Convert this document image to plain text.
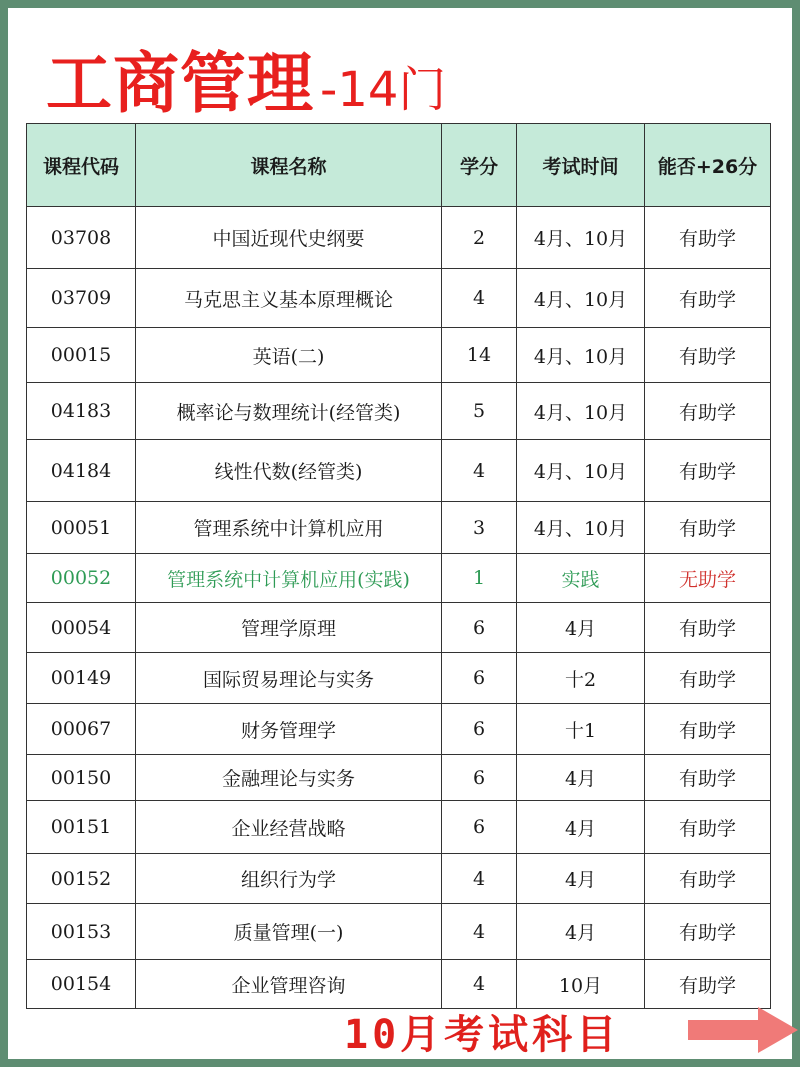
工商管理 -14门
课程代码	课程名称	学分	考试时间	能否+26分
03708	中国近现代史纲要	2	4月、10月	有助学
03709	马克思主义基本原理概论	4	4月、10月	有助学
00015	英语(二)	14	4月、10月	有助学
04183	概率论与数理统计(经管类)	5	4月、10月	有助学
04184	线性代数(经管类)	4	4月、10月	有助学
00051	管理系统中计算机应用	3	4月、10月	有助学
00052	管理系统中计算机应用(实践)	1	实践	无助学
00054	管理学原理	6	4月	有助学
00149	国际贸易理论与实务	6	十2	有助学
00067	财务管理学	6	十1	有助学
00150	金融理论与实务	6	4月	有助学
00151	企业经营战略	6	4月	有助学
00152	组织行为学	4	4月	有助学
00153	质量管理(一)	4	4月	有助学
00154	企业管理咨询	4	10月	有助学
10月考试科目
